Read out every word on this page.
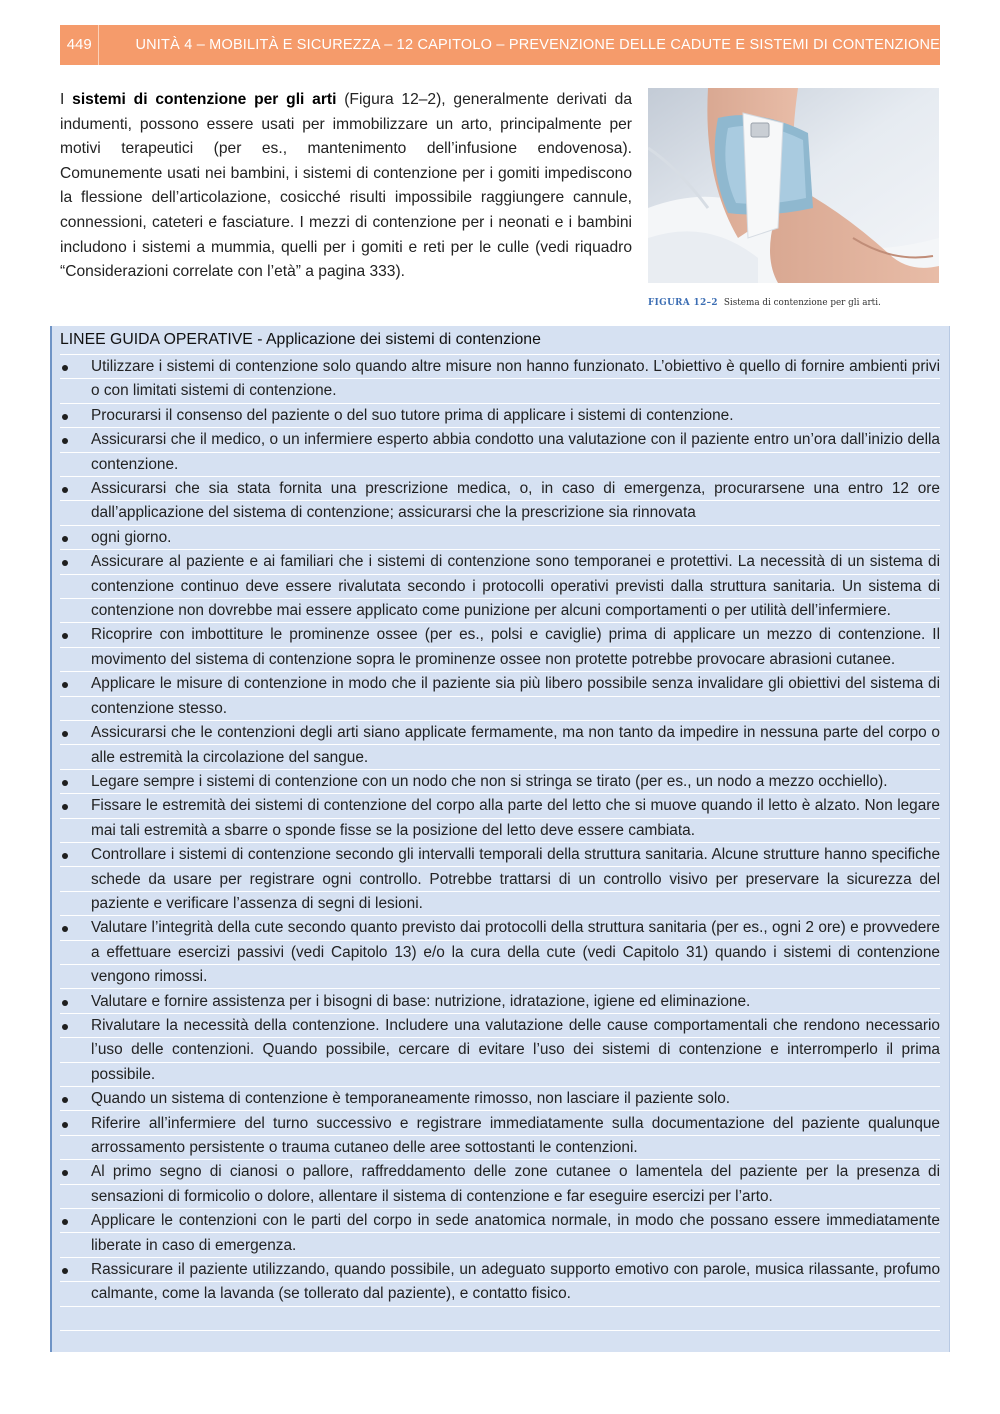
449	UNITÀ 4 – MOBILITÀ E SICUREZZA – 12 CAPITOLO – PREVENZIONE DELLE CADUTE E SISTEMI DI CONTENZIONE
I sistemi di contenzione per gli arti (Figura 12–2), generalmente derivati da indumenti, possono essere usati per immobilizzare un arto, principalmente per motivi terapeutici (per es., mantenimento dell’infusione endovenosa). Comunemente usati nei bambini, i sistemi di contenzione per i gomiti impediscono la flessione dell’articolazione, cosicché risulti impossibile raggiungere cannule, connessioni, cateteri e fasciature. I mezzi di contenzione per i neonati e i bambini includono i sistemi a mummia, quelli per i gomiti e reti per le culle (vedi riquadro “Considerazioni correlate con l’età” a pagina 333).
FIGURA 12–2 Sistema di contenzione per gli arti.
LINEE GUIDA OPERATIVE - Applicazione dei sistemi di contenzione
Utilizzare i sistemi di contenzione solo quando altre misure non hanno funzionato. L’obiettivo è quello di fornire ambienti privi o con limitati sistemi di contenzione.
Procurarsi il consenso del paziente o del suo tutore prima di applicare i sistemi di contenzione.
Assicurarsi che il medico, o un infermiere esperto abbia condotto una valutazione con il paziente entro un’ora dall’inizio della contenzione.
Assicurarsi che sia stata fornita una prescrizione medica, o, in caso di emergenza, procurarsene una entro 12 ore dall’applicazione del sistema di contenzione; assicurarsi che la prescrizione sia rinnovata
ogni giorno.
Assicurare al paziente e ai familiari che i sistemi di contenzione sono temporanei e protettivi. La necessità di un sistema di contenzione continuo deve essere rivalutata secondo i protocolli operativi previsti dalla struttura sanitaria. Un sistema di contenzione non dovrebbe mai essere applicato come punizione per alcuni comportamenti o per utilità dell’infermiere.
Ricoprire con imbottiture le prominenze ossee (per es., polsi e caviglie) prima di applicare un mezzo di contenzione. Il movimento del sistema di contenzione sopra le prominenze ossee non protette potrebbe provocare abrasioni cutanee.
Applicare le misure di contenzione in modo che il paziente sia più libero possibile senza invalidare gli obiettivi del sistema di contenzione stesso.
Assicurarsi che le contenzioni degli arti siano applicate fermamente, ma non tanto da impedire in nessuna parte del corpo o alle estremità la circolazione del sangue.
Legare sempre i sistemi di contenzione con un nodo che non si stringa se tirato (per es., un nodo a mezzo occhiello).
Fissare le estremità dei sistemi di contenzione del corpo alla parte del letto che si muove quando il letto è alzato. Non legare mai tali estremità a sbarre o sponde fisse se la posizione del letto deve essere cambiata.
Controllare i sistemi di contenzione secondo gli intervalli temporali della struttura sanitaria. Alcune strutture hanno specifiche schede da usare per registrare ogni controllo. Potrebbe trattarsi di un controllo visivo per preservare la sicurezza del paziente e verificare l’assenza di segni di lesioni.
Valutare l’integrità della cute secondo quanto previsto dai protocolli della struttura sanitaria (per es., ogni 2 ore) e provvedere a effettuare esercizi passivi (vedi Capitolo 13) e/o la cura della cute (vedi Capitolo 31) quando i sistemi di contenzione vengono rimossi.
Valutare e fornire assistenza per i bisogni di base: nutrizione, idratazione, igiene ed eliminazione.
Rivalutare la necessità della contenzione. Includere una valutazione delle cause comportamentali che rendono necessario l’uso delle contenzioni. Quando possibile, cercare di evitare l’uso dei sistemi di contenzione e interromperlo il prima possibile.
Quando un sistema di contenzione è temporaneamente rimosso, non lasciare il paziente solo.
Riferire all’infermiere del turno successivo e registrare immediatamente sulla documentazione del paziente qualunque arrossamento persistente o trauma cutaneo delle aree sottostanti le contenzioni.
Al primo segno di cianosi o pallore, raffreddamento delle zone cutanee o lamentela del paziente per la presenza di sensazioni di formicolio o dolore, allentare il sistema di contenzione e far eseguire esercizi per l’arto.
Applicare le contenzioni con le parti del corpo in sede anatomica normale, in modo che possano essere immediatamente liberate in caso di emergenza.
Rassicurare il paziente utilizzando, quando possibile, un adeguato supporto emotivo con parole, musica rilassante, profumo calmante, come la lavanda (se tollerato dal paziente), e contatto fisico.
